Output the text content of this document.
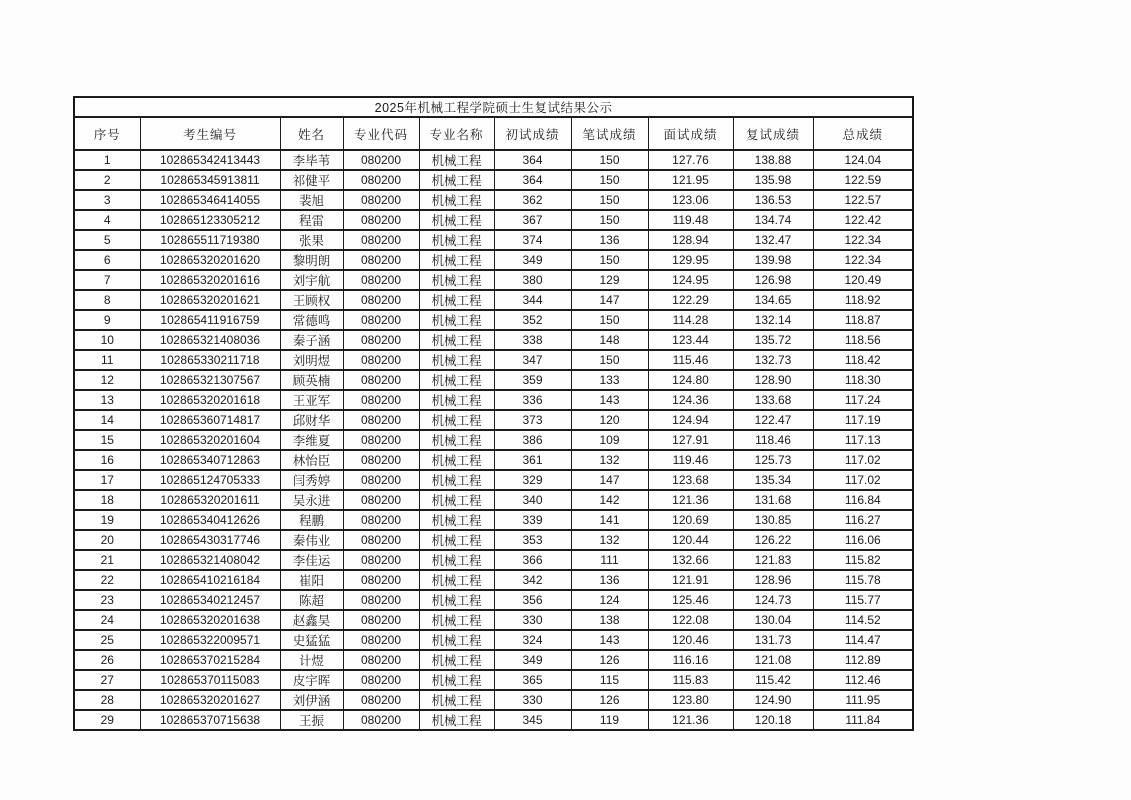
2025年机械工程学院硕士生复试结果公示									
序号	考生编号	姓名	专业代码	专业名称	初试成绩	笔试成绩	面试成绩	复试成绩	总成绩
1	102865342413443	李毕苇	080200	机械工程	364	150	127.76	138.88	124.04
2	102865345913811	祁健平	080200	机械工程	364	150	121.95	135.98	122.59
3	102865346414055	裴旭	080200	机械工程	362	150	123.06	136.53	122.57
4	102865123305212	程雷	080200	机械工程	367	150	119.48	134.74	122.42
5	102865511719380	张果	080200	机械工程	374	136	128.94	132.47	122.34
6	102865320201620	黎明朗	080200	机械工程	349	150	129.95	139.98	122.34
7	102865320201616	刘宇航	080200	机械工程	380	129	124.95	126.98	120.49
8	102865320201621	王顾权	080200	机械工程	344	147	122.29	134.65	118.92
9	102865411916759	常德鸣	080200	机械工程	352	150	114.28	132.14	118.87
10	102865321408036	秦子涵	080200	机械工程	338	148	123.44	135.72	118.56
11	102865330211718	刘明煜	080200	机械工程	347	150	115.46	132.73	118.42
12	102865321307567	顾英楠	080200	机械工程	359	133	124.80	128.90	118.30
13	102865320201618	王亚军	080200	机械工程	336	143	124.36	133.68	117.24
14	102865360714817	邱财华	080200	机械工程	373	120	124.94	122.47	117.19
15	102865320201604	李维夏	080200	机械工程	386	109	127.91	118.46	117.13
16	102865340712863	林怡臣	080200	机械工程	361	132	119.46	125.73	117.02
17	102865124705333	闫秀婷	080200	机械工程	329	147	123.68	135.34	117.02
18	102865320201611	吴永进	080200	机械工程	340	142	121.36	131.68	116.84
19	102865340412626	程鹏	080200	机械工程	339	141	120.69	130.85	116.27
20	102865430317746	秦伟业	080200	机械工程	353	132	120.44	126.22	116.06
21	102865321408042	李佳运	080200	机械工程	366	111	132.66	121.83	115.82
22	102865410216184	崔阳	080200	机械工程	342	136	121.91	128.96	115.78
23	102865340212457	陈超	080200	机械工程	356	124	125.46	124.73	115.77
24	102865320201638	赵鑫昊	080200	机械工程	330	138	122.08	130.04	114.52
25	102865322009571	史猛猛	080200	机械工程	324	143	120.46	131.73	114.47
26	102865370215284	计煜	080200	机械工程	349	126	116.16	121.08	112.89
27	102865370115083	皮宇晖	080200	机械工程	365	115	115.83	115.42	112.46
28	102865320201627	刘伊涵	080200	机械工程	330	126	123.80	124.90	111.95
29	102865370715638	王振	080200	机械工程	345	119	121.36	120.18	111.84
